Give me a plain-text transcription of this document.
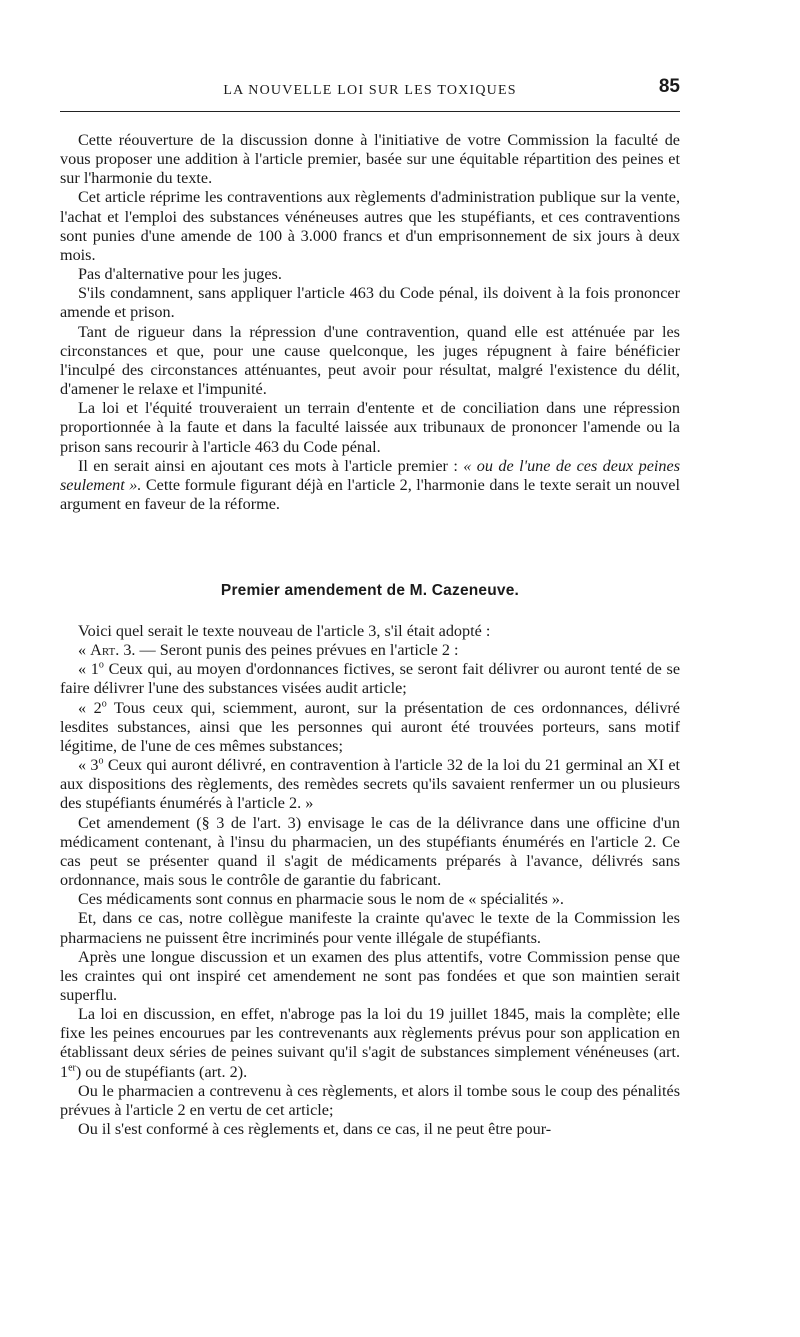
LA NOUVELLE LOI SUR LES TOXIQUES	85

Cette réouverture de la discussion donne à l'initiative de votre Commission la faculté de vous proposer une addition à l'article premier, basée sur une équitable répartition des peines et sur l'harmonie du texte.

Cet article réprime les contraventions aux règlements d'administration publique sur la vente, l'achat et l'emploi des substances vénéneuses autres que les stupéfiants, et ces contraventions sont punies d'une amende de 100 à 3.000 francs et d'un emprisonnement de six jours à deux mois.

Pas d'alternative pour les juges.

S'ils condamnent, sans appliquer l'article 463 du Code pénal, ils doivent à la fois prononcer amende et prison.

Tant de rigueur dans la répression d'une contravention, quand elle est atténuée par les circonstances et que, pour une cause quelconque, les juges répugnent à faire bénéficier l'inculpé des circonstances atténuantes, peut avoir pour résultat, malgré l'existence du délit, d'amener le relaxe et l'impunité.

La loi et l'équité trouveraient un terrain d'entente et de conciliation dans une répression proportionnée à la faute et dans la faculté laissée aux tribunaux de prononcer l'amende ou la prison sans recourir à l'article 463 du Code pénal.

Il en serait ainsi en ajoutant ces mots à l'article premier : « ou de l'une de ces deux peines seulement ». Cette formule figurant déjà en l'article 2, l'harmonie dans le texte serait un nouvel argument en faveur de la réforme.

Premier amendement de M. Cazeneuve.

Voici quel serait le texte nouveau de l'article 3, s'il était adopté :

« Art. 3. — Seront punis des peines prévues en l'article 2 :

« 1$^o$ Ceux qui, au moyen d'ordonnances fictives, se seront fait délivrer ou auront tenté de se faire délivrer l'une des substances visées audit article;

« 2$^o$ Tous ceux qui, sciemment, auront, sur la présentation de ces ordonnances, délivré lesdites substances, ainsi que les personnes qui auront été trouvées porteurs, sans motif légitime, de l'une de ces mêmes substances;

« 3$^o$ Ceux qui auront délivré, en contravention à l'article 32 de la loi du 21 germinal an XI et aux dispositions des règlements, des remèdes secrets qu'ils savaient renfermer un ou plusieurs des stupéfiants énumérés à l'article 2. »

Cet amendement (§ 3 de l'art. 3) envisage le cas de la délivrance dans une officine d'un médicament contenant, à l'insu du pharmacien, un des stupéfiants énumérés en l'article 2. Ce cas peut se présenter quand il s'agit de médicaments préparés à l'avance, délivrés sans ordonnance, mais sous le contrôle de garantie du fabricant.

Ces médicaments sont connus en pharmacie sous le nom de « spécialités ».

Et, dans ce cas, notre collègue manifeste la crainte qu'avec le texte de la Commission les pharmaciens ne puissent être incriminés pour vente illégale de stupéfiants.

Après une longue discussion et un examen des plus attentifs, votre Commission pense que les craintes qui ont inspiré cet amendement ne sont pas fondées et que son maintien serait superflu.

La loi en discussion, en effet, n'abroge pas la loi du 19 juillet 1845, mais la complète; elle fixe les peines encourues par les contrevenants aux règlements prévus pour son application en établissant deux séries de peines suivant qu'il s'agit de substances simplement vénéneuses (art. 1er) ou de stupéfiants (art. 2).

Ou le pharmacien a contrevenu à ces règlements, et alors il tombe sous le coup des pénalités prévues à l'article 2 en vertu de cet article;

Ou il s'est conformé à ces règlements et, dans ce cas, il ne peut être pour-
